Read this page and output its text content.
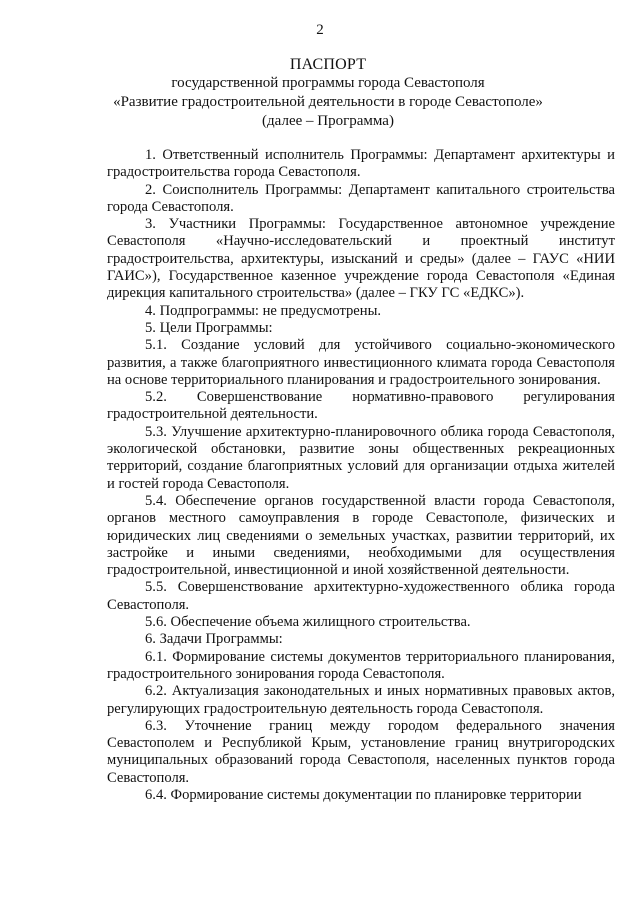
2
ПАСПОРТ
государственной программы города Севастополя
«Развитие градостроительной деятельности в городе Севастополе»
(далее – Программа)

1. Ответственный исполнитель Программы: Департамент архитектуры и градостроительства города Севастополя.

2. Соисполнитель Программы: Департамент капитального строительства города Севастополя.

3. Участники Программы: Государственное автономное учреждение Севастополя «Научно-исследовательский и проектный институт градостроительства, архитектуры, изысканий и среды» (далее – ГАУС «НИИ ГАИС»), Государственное казенное учреждение города Севастополя «Единая дирекция капитального строительства» (далее – ГКУ ГС «ЕДКС»).

4. Подпрограммы: не предусмотрены.

5. Цели Программы:

5.1. Создание условий для устойчивого социально-экономического развития, а также благоприятного инвестиционного климата города Севастополя на основе территориального планирования и градостроительного зонирования.

5.2. Совершенствование нормативно-правового регулирования градостроительной деятельности.

5.3. Улучшение архитектурно-планировочного облика города Севастополя, экологической обстановки, развитие зоны общественных рекреационных территорий, создание благоприятных условий для организации отдыха жителей и гостей города Севастополя.

5.4. Обеспечение органов государственной власти города Севастополя, органов местного самоуправления в городе Севастополе, физических и юридических лиц сведениями о земельных участках, развитии территорий, их застройке и иными сведениями, необходимыми для осуществления градостроительной, инвестиционной и иной хозяйственной деятельности.

5.5. Совершенствование архитектурно-художественного облика города Севастополя.

5.6. Обеспечение объема жилищного строительства.

6. Задачи Программы:

6.1. Формирование системы документов территориального планирования, градостроительного зонирования города Севастополя.

6.2. Актуализация законодательных и иных нормативных правовых актов, регулирующих градостроительную деятельность города Севастополя.

6.3. Уточнение границ между городом федерального значения Севастополем и Республикой Крым, установление границ внутригородских муниципальных образований города Севастополя, населенных пунктов города Севастополя.

6.4. Формирование системы документации по планировке территории
